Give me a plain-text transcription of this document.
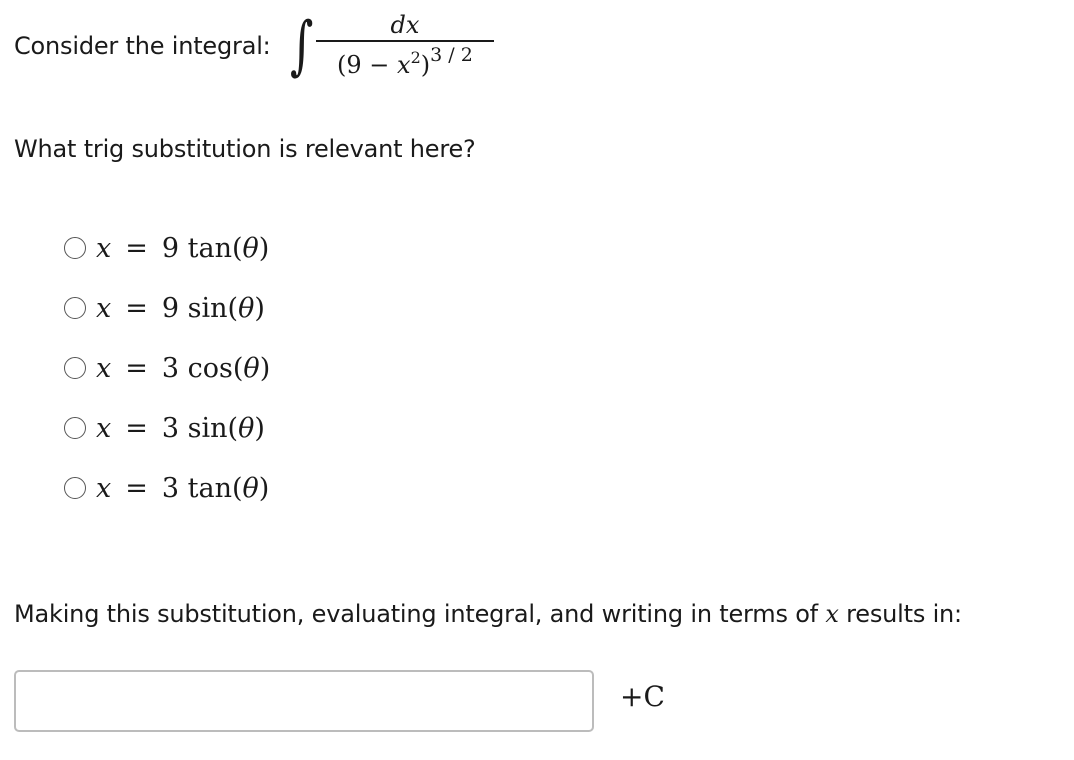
Consider the integral: ∫ $\frac{dx}{(9 - x^2)^{3 / 2}}$
What trig substitution is relevant here?
x = 9 tan(θ)
x = 9 sin(θ)
x = 3 cos(θ)
x = 3 sin(θ)
x = 3 tan(θ)
Making this substitution, evaluating integral, and writing in terms of x results in:
+C
